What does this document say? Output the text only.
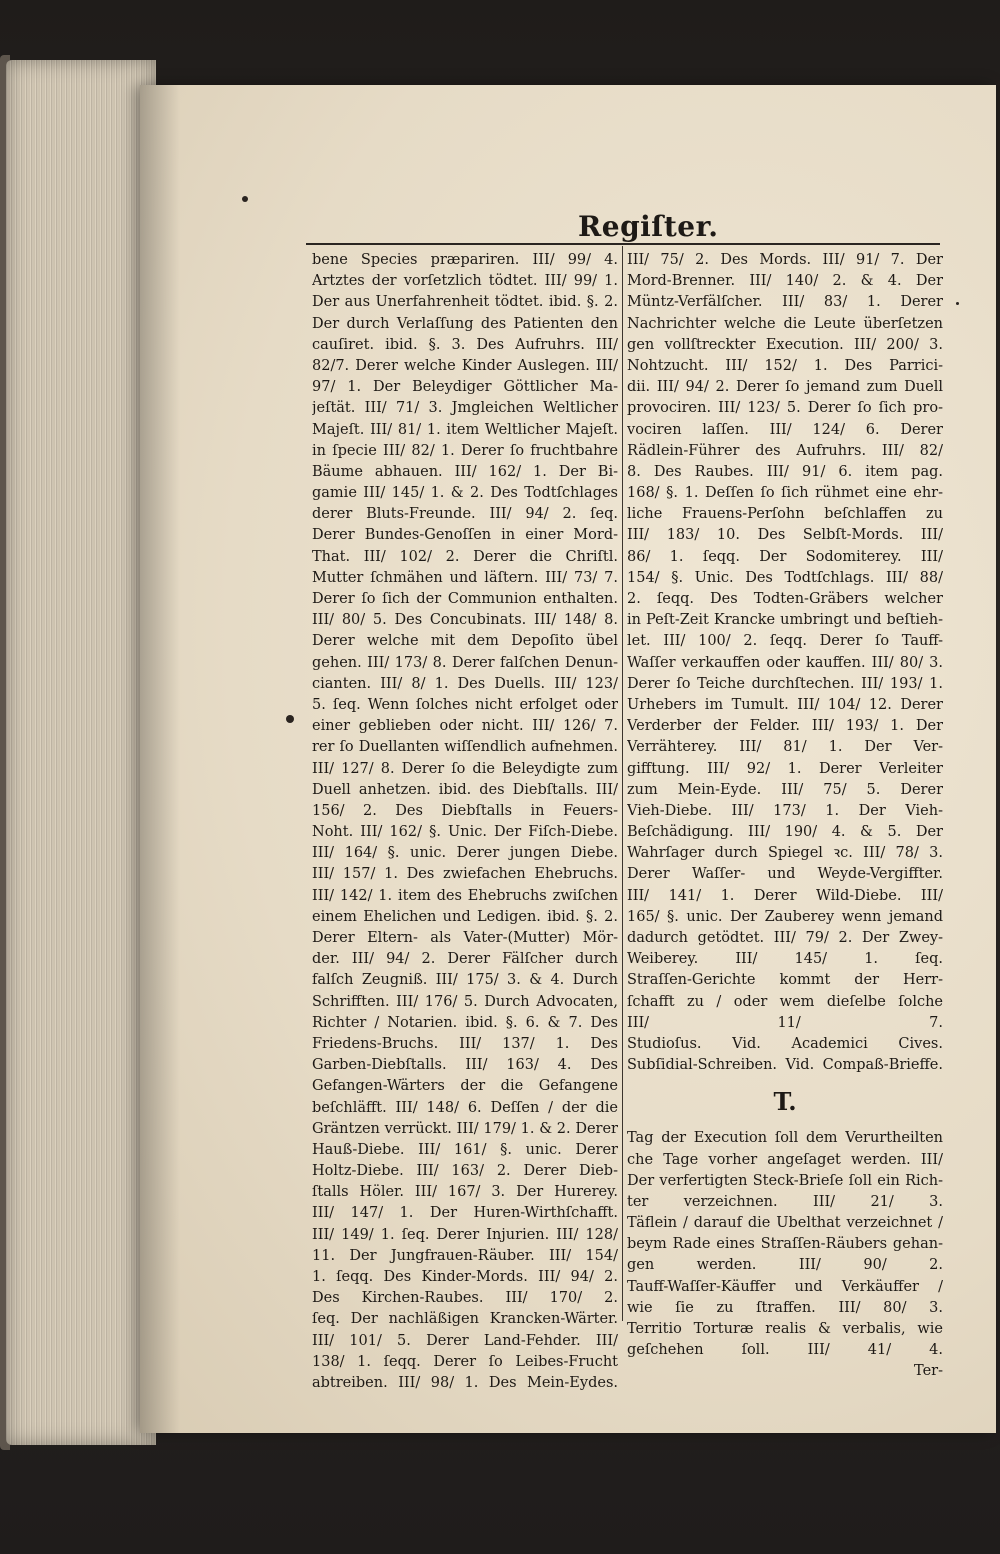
Regiſter.
bene Species præpariren. III/ 99/ 4.
Artztes der vorſetzlich tödtet. III/ 99/ 1.
Der aus Unerfahrenheit tödtet. ibid. §. 2.
Der durch Verlaſſung des Patienten den
cauſiret. ibid. §. 3. Des Aufruhrs. III/
82/7. Derer welche Kinder Auslegen. III/
97/ 1. Der Beleydiger Göttlicher Ma-
jeſtät. III/ 71/ 3. Jmgleichen Weltlicher
Majeſt. III/ 81/ 1. item Weltlicher Majeſt.
in ſpecie III/ 82/ 1. Derer ſo fruchtbahre
Bäume abhauen. III/ 162/ 1. Der Bi-
gamie III/ 145/ 1. & 2. Des Todtſchlages
derer Bluts-Freunde. III/ 94/ 2. ſeq.
Derer Bundes-Genoſſen in einer Mord-
That. III/ 102/ 2. Derer die Chriſtl.
Mutter ſchmähen und läſtern. III/ 73/ 7.
Derer ſo ſich der Communion enthalten.
III/ 80/ 5. Des Concubinats. III/ 148/ 8.
Derer welche mit dem Depoſito übel
gehen. III/ 173/ 8. Derer falſchen Denun-
cianten. III/ 8/ 1. Des Duells. III/ 123/
5. ſeq. Wenn ſolches nicht erfolget oder
einer geblieben oder nicht. III/ 126/ 7.
rer ſo Duellanten wiſſendlich aufnehmen.
III/ 127/ 8. Derer ſo die Beleydigte zum
Duell anhetzen. ibid. des Diebſtalls. III/
156/ 2. Des Diebſtalls in Feuers-
Noht. III/ 162/ §. Unic. Der Fiſch-Diebe.
III/ 164/ §. unic. Derer jungen Diebe.
III/ 157/ 1. Des zwiefachen Ehebruchs.
III/ 142/ 1. item des Ehebruchs zwiſchen
einem Ehelichen und Ledigen. ibid. §. 2.
Derer Eltern- als Vater-(Mutter) Mör-
der. III/ 94/ 2. Derer Fälſcher durch
falſch Zeugniß. III/ 175/ 3. & 4. Durch
Schrifften. III/ 176/ 5. Durch Advocaten,
Richter / Notarien. ibid. §. 6. & 7. Des
Friedens-Bruchs. III/ 137/ 1. Des
Garben-Diebſtalls. III/ 163/ 4. Des
Gefangen-Wärters der die Gefangene
beſchläfft. III/ 148/ 6. Deſſen / der die
Gräntzen verrückt. III/ 179/ 1. & 2. Derer
Hauß-Diebe. III/ 161/ §. unic. Derer
Holtz-Diebe. III/ 163/ 2. Derer Dieb-
ſtalls Höler. III/ 167/ 3. Der Hurerey.
III/ 147/ 1. Der Huren-Wirthſchafft.
III/ 149/ 1. ſeq. Derer Injurien. III/ 128/
11. Der Jungfrauen-Räuber. III/ 154/
1. ſeqq. Des Kinder-Mords. III/ 94/ 2.
Des Kirchen-Raubes. III/ 170/ 2.
ſeq. Der nachläßigen Krancken-Wärter.
III/ 101/ 5. Derer Land-Fehder. III/
138/ 1. ſeqq. Derer ſo Leibes-Frucht
abtreiben. III/ 98/ 1. Des Mein-Eydes.
III/ 75/ 2. Des Mords. III/ 91/ 7. Der
Mord-Brenner. III/ 140/ 2. & 4. Der
Müntz-Verfälſcher. III/ 83/ 1. Derer
Nachrichter welche die Leute überſetzen
gen vollſtreckter Execution. III/ 200/ 3.
Nohtzucht. III/ 152/ 1. Des Parrici-
dii. III/ 94/ 2. Derer ſo jemand zum Duell
provociren. III/ 123/ 5. Derer ſo ſich pro-
vociren laſſen. III/ 124/ 6. Derer
Rädlein-Führer des Aufruhrs. III/ 82/
8. Des Raubes. III/ 91/ 6. item pag.
168/ §. 1. Deſſen ſo ſich rühmet eine ehr-
liche Frauens-Perſohn beſchlaffen zu
III/ 183/ 10. Des Selbſt-Mords. III/
86/ 1. ſeqq. Der Sodomiterey. III/
154/ §. Unic. Des Todtſchlags. III/ 88/
2. ſeqq. Des Todten-Gräbers welcher
in Peſt-Zeit Krancke umbringt und beſtieh-
let. III/ 100/ 2. ſeqq. Derer ſo Tauff-
Waſſer verkauffen oder kauffen. III/ 80/ 3.
Derer ſo Teiche durchſtechen. III/ 193/ 1.
Urhebers im Tumult. III/ 104/ 12. Derer
Verderber der Felder. III/ 193/ 1. Der
Verrähterey. III/ 81/ 1. Der Ver-
gifftung. III/ 92/ 1. Derer Verleiter
zum Mein-Eyde. III/ 75/ 5. Derer
Vieh-Diebe. III/ 173/ 1. Der Vieh-
Beſchädigung. III/ 190/ 4. & 5. Der
Wahrſager durch Spiegel ꝛc. III/ 78/ 3.
Derer Waſſer- und Weyde-Vergiffter.
III/ 141/ 1. Derer Wild-Diebe. III/
165/ §. unic. Der Zauberey wenn jemand
dadurch getödtet. III/ 79/ 2. Der Zwey-
Weiberey. III/ 145/ 1. ſeq.
Straſſen-Gerichte kommt der Herr-
ſchafft zu / oder wem dieſelbe ſolche
III/ 11/ 7.
Studioſus. Vid. Academici Cives.
Subſidial-Schreiben. Vid. Compaß-Brieffe.
T.
Tag der Execution ſoll dem Verurtheilten
che Tage vorher angeſaget werden. III/
Der verfertigten Steck-Brieſe ſoll ein Rich-
ter verzeichnen. III/ 21/ 3.
Täflein / darauf die Ubelthat verzeichnet /
beym Rade eines Straſſen-Räubers gehan-
gen werden. III/ 90/ 2.
Tauff-Waſſer-Käuffer und Verkäuffer /
wie ſie zu ſtraffen. III/ 80/ 3.
Territio Torturæ realis & verbalis, wie
geſchehen ſoll. III/ 41/ 4.
Ter-
